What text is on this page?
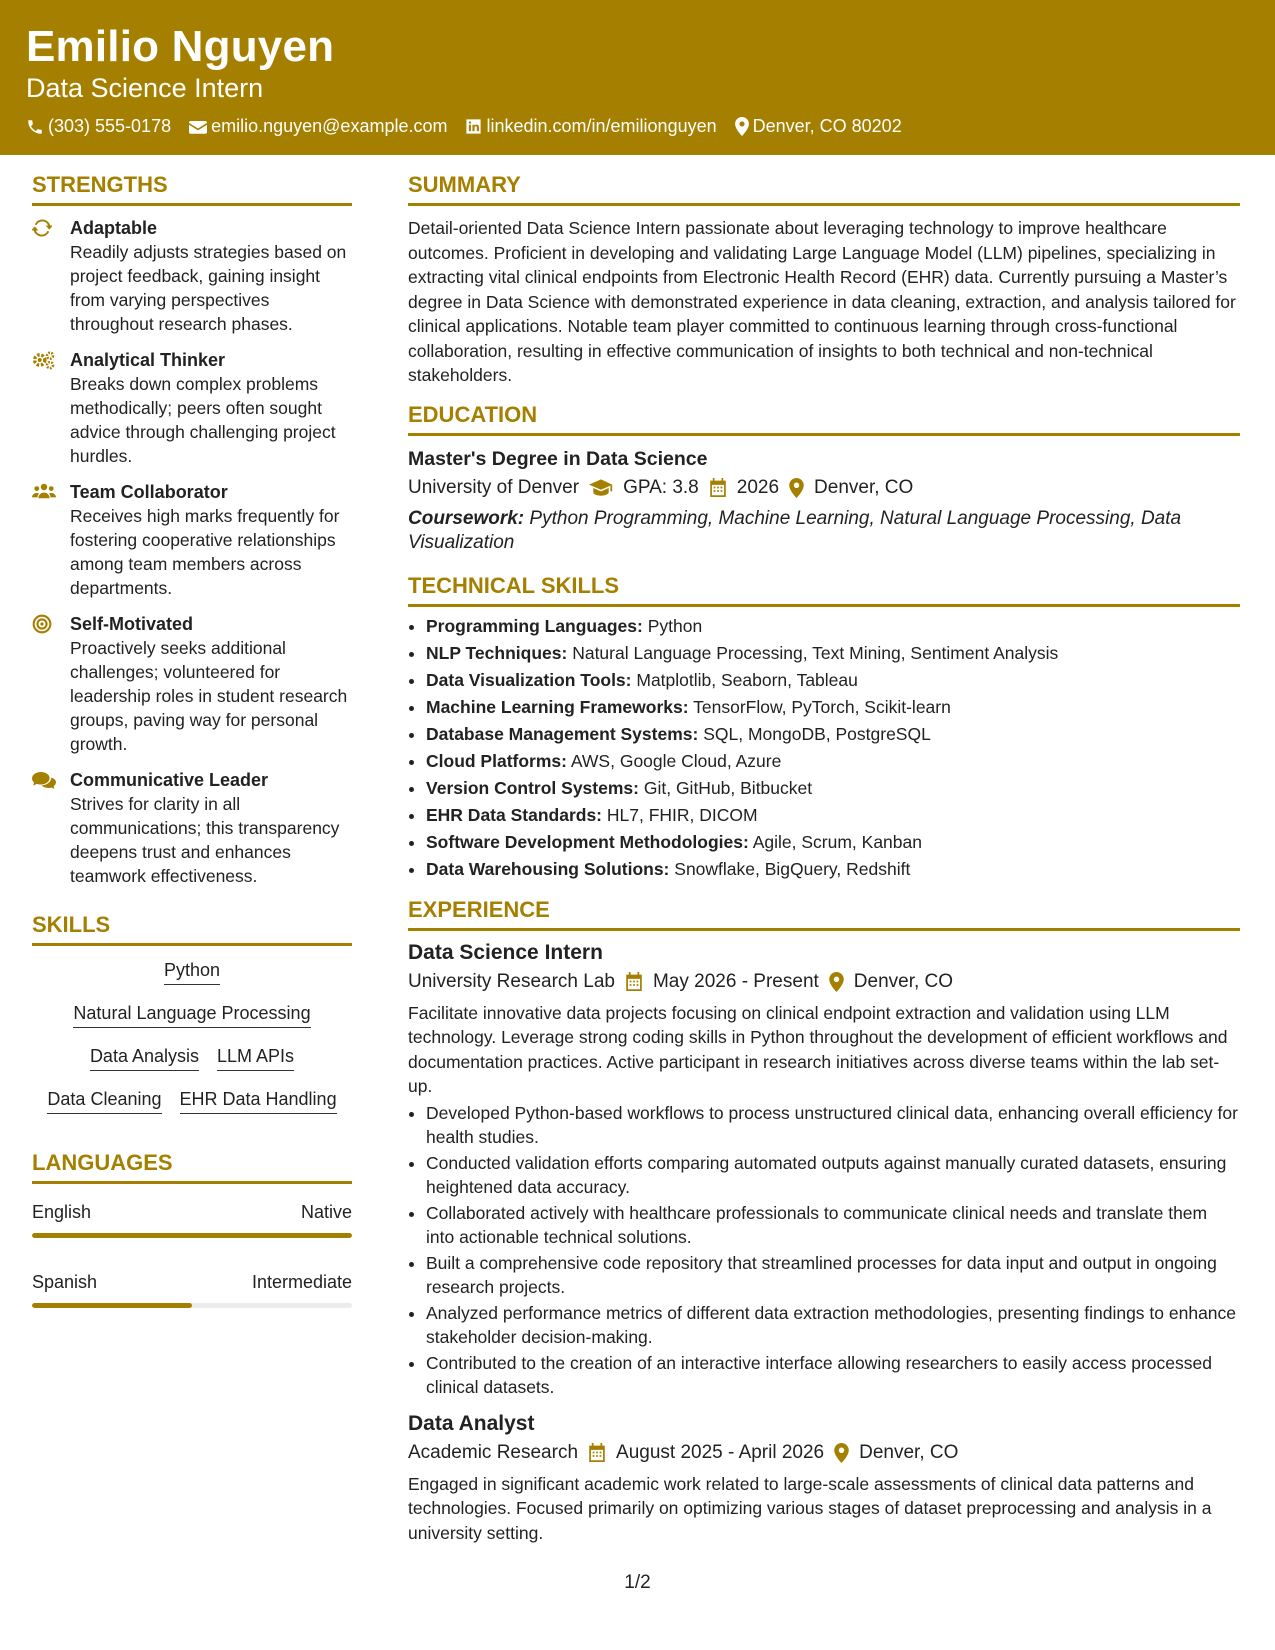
Emilio Nguyen
Data Science Intern
(303) 555-0178 emilio.nguyen@example.com linkedin.com/in/emilionguyen Denver, CO 80202
STRENGTHS
Adaptable
Readily adjusts strategies based on project feedback, gaining insight from varying perspectives throughout research phases.
Analytical Thinker
Breaks down complex problems methodically; peers often sought advice through challenging project hurdles.
Team Collaborator
Receives high marks frequently for fostering cooperative relationships among team members across departments.
Self-Motivated
Proactively seeks additional challenges; volunteered for leadership roles in student research groups, paving way for personal growth.
Communicative Leader
Strives for clarity in all communications; this transparency deepens trust and enhances teamwork effectiveness.
SKILLS
Python
Natural Language Processing
Data Analysis LLM APIs
Data Cleaning EHR Data Handling
LANGUAGES
English	Native
Spanish	Intermediate
SUMMARY
Detail-oriented Data Science Intern passionate about leveraging technology to improve healthcare outcomes. Proficient in developing and validating Large Language Model (LLM) pipelines, specializing in extracting vital clinical endpoints from Electronic Health Record (EHR) data. Currently pursuing a Master’s degree in Data Science with demonstrated experience in data cleaning, extraction, and analysis tailored for clinical applications. Notable team player committed to continuous learning through cross-functional collaboration, resulting in effective communication of insights to both technical and non-technical stakeholders.
EDUCATION
Master's Degree in Data Science
University of Denver GPA: 3.8 2026 Denver, CO
Coursework: Python Programming, Machine Learning, Natural Language Processing, Data Visualization
TECHNICAL SKILLS
• Programming Languages: Python
• NLP Techniques: Natural Language Processing, Text Mining, Sentiment Analysis
• Data Visualization Tools: Matplotlib, Seaborn, Tableau
• Machine Learning Frameworks: TensorFlow, PyTorch, Scikit-learn
• Database Management Systems: SQL, MongoDB, PostgreSQL
• Cloud Platforms: AWS, Google Cloud, Azure
• Version Control Systems: Git, GitHub, Bitbucket
• EHR Data Standards: HL7, FHIR, DICOM
• Software Development Methodologies: Agile, Scrum, Kanban
• Data Warehousing Solutions: Snowflake, BigQuery, Redshift
EXPERIENCE
Data Science Intern
University Research Lab May 2026 - Present Denver, CO
Facilitate innovative data projects focusing on clinical endpoint extraction and validation using LLM technology. Leverage strong coding skills in Python throughout the development of efficient workflows and documentation practices. Active participant in research initiatives across diverse teams within the lab set-up.
• Developed Python-based workflows to process unstructured clinical data, enhancing overall efficiency for health studies.
• Conducted validation efforts comparing automated outputs against manually curated datasets, ensuring heightened data accuracy.
• Collaborated actively with healthcare professionals to communicate clinical needs and translate them into actionable technical solutions.
• Built a comprehensive code repository that streamlined processes for data input and output in ongoing research projects.
• Analyzed performance metrics of different data extraction methodologies, presenting findings to enhance stakeholder decision-making.
• Contributed to the creation of an interactive interface allowing researchers to easily access processed clinical datasets.
Data Analyst
Academic Research August 2025 - April 2026 Denver, CO
Engaged in significant academic work related to large-scale assessments of clinical data patterns and technologies. Focused primarily on optimizing various stages of dataset preprocessing and analysis in a university setting.
1/2
